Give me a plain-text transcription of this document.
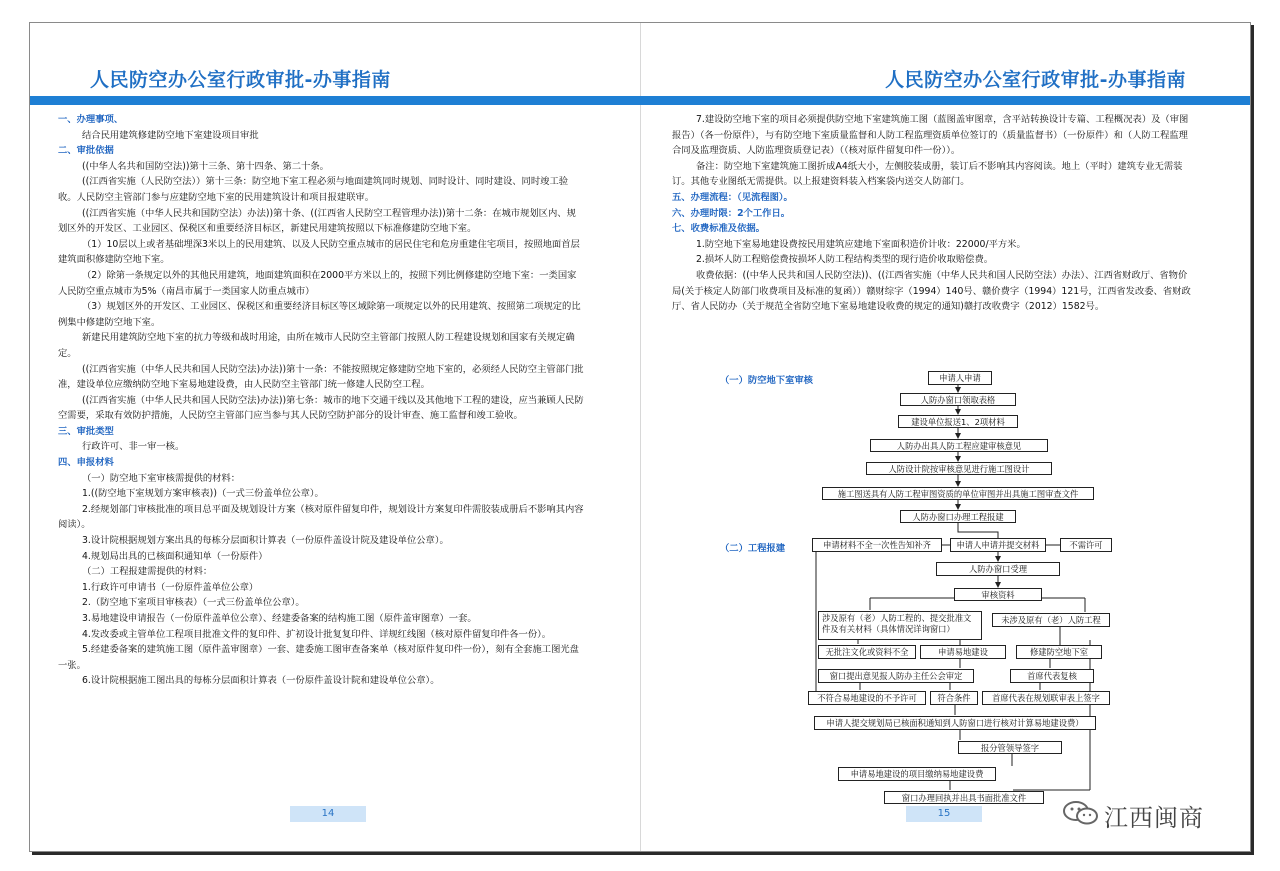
人民防空办公室行政审批-办事指南	人民防空办公室行政审批-办事指南

一、办理事项、

结合民用建筑修建防空地下室建设项目审批

二、审批依据

((中华人名共和国防空法))第十三条、第十四条、第二十条。

((江西省实施（人民防空法））第十三条：防空地下室工程必须与地面建筑同时规划、同时设计、同时建设、同时竣工验收。人民防空主管部门参与应建防空地下室的民用建筑设计和项目报建联审。

((江西省实施（中华人民共和国防空法）办法))第十条、((江西省人民防空工程管理办法))第十二条：在城市规划区内、规划区外的开发区、工业园区、保税区和重要经济目标区，新建民用建筑按照以下标准修建防空地下室。

（1）10层以上或者基础埋深3米以上的民用建筑、以及人民防空重点城市的居民住宅和危房重建住宅项目，按照地面首层建筑面积修建防空地下室。

（2）除第一条规定以外的其他民用建筑，地面建筑面积在2000平方米以上的，按照下列比例修建防空地下室：一类国家人民防空重点城市为5%（南昌市属于一类国家人防重点城市）

（3）规划区外的开发区、工业园区、保税区和重要经济目标区等区域除第一项规定以外的民用建筑、按照第二项规定的比例集中修建防空地下室。

新建民用建筑防空地下室的抗力等级和战时用途，由所在城市人民防空主管部门按照人防工程建设规划和国家有关规定确定。

((江西省实施（中华人民共和国人民防空法)办法))第十一条：不能按照规定修建防空地下室的，必须经人民防空主管部门批准，建设单位应缴纳防空地下室易地建设费，由人民防空主管部门统一修建人民防空工程。

((江西省实施（中华人民共和国人民防空法)办法))第七条：城市的地下交通干线以及其他地下工程的建设，应当兼顾人民防空需要，采取有效防护措施，人民防空主管部门应当参与其人民防空防护部分的设计审查、施工监督和竣工验收。

三、审批类型

行政许可、非一审一核。

四、申报材料

（一）防空地下室审核需提供的材料：

1.((防空地下室规划方案审核表))（一式三份盖单位公章）。

2.经规划部门审核批准的项目总平面及规划设计方案（核对原件留复印件，规划设计方案复印件需胶装成册后不影响其内容阅读）。

3.设计院根据规划方案出具的每栋分层面积计算表（一份原件盖设计院及建设单位公章）。

4.规划局出具的已核面积通知单（一份原件）

（二）工程报建需提供的材料：

1.行政许可申请书（一份原件盖单位公章）

2.（防空地下室项目审核表）（一式三份盖单位公章）。

3.易地建设申请报告（一份原件盖单位公章）、经建委备案的结构施工图（原件盖审图章）一套。

4.发改委或主管单位工程项目批准文件的复印件、扩初设计批复复印件、详规红线图（核对原件留复印件各一份）。

5.经建委备案的建筑施工图（原件盖审图章）一套、建委施工图审查备案单（核对原件复印件一份），刻有全套施工图光盘一张。

6.设计院根据施工图出具的每栋分层面积计算表（一份原件盖设计院和建设单位公章）。

7.建设防空地下室的项目必须提供防空地下室建筑施工图（蓝图盖审图章，含平站转换设计专篇、工程概况表）及（审图报告）（各一份原件），与有防空地下室质量监督和人防工程监理资质单位签订的（质量监督书）（一份原件）和（人防工程监理合同及监理资质、人防监理资质登记表）（（核对原件留复印件一份））。

备注：防空地下室建筑施工图折成A4纸大小，左侧胶装成册，装订后不影响其内容阅读。地上（平时）建筑专业无需装订。其他专业图纸无需提供。以上报建资料装入档案袋内送交人防部门。

五、办理流程：（见流程图）。

六、办理时限：2个工作日。

七、收费标准及依据。

1.防空地下室易地建设费按民用建筑应建地下室面积造价计收：22000/平方米。

2.损坏人防工程赔偿费按损坏人防工程结构类型的现行造价收取赔偿费。

收费依据：((中华人民共和国人民防空法))、((江西省实施（中华人民共和国人民防空法）办法）、江西省财政厅、省物价局(关于核定人防部门收费项目及标准的复函））赣财综字（1994）140号、赣价费字（1994）121号，江西省发改委、省财政厅、省人民防办（关于规范全省防空地下室易地建设收费的规定的通知)赣打改收费字（2012）1582号。

14	15
（一）防空地下室审核
（二）工程报建
申请人申请
人防办窗口领取表格
建设单位报送1、2项材料
人防办出具人防工程应建审核意见
人防设计院按审核意见进行施工图设计
施工图送具有人防工程审图资质的单位审图并出具施工图审查文件
人防办窗口办理工程报建
申请材料不全一次性告知补齐	申请人申请并提交材料	不需许可
人防办窗口受理
审核资料
涉及原有（老）人防工程的、提交批准文件及有关材料（具体情况详询窗口）
未涉及原有（老）人防工程
无批注文化或资料不全	申请易地建设	修建防空地下室
窗口提出意见报人防办主任公会审定	首席代表复核
不符合易地建设的不予许可	符合条件	首席代表在规划联审表上签字
申请人提交规划局已核面积通知到人防窗口进行核对计算易地建设费）
报分管领导签字
申请易地建设的项目缴纳易地建设费
窗口办理回执并出具书面批准文件
江西闽商
